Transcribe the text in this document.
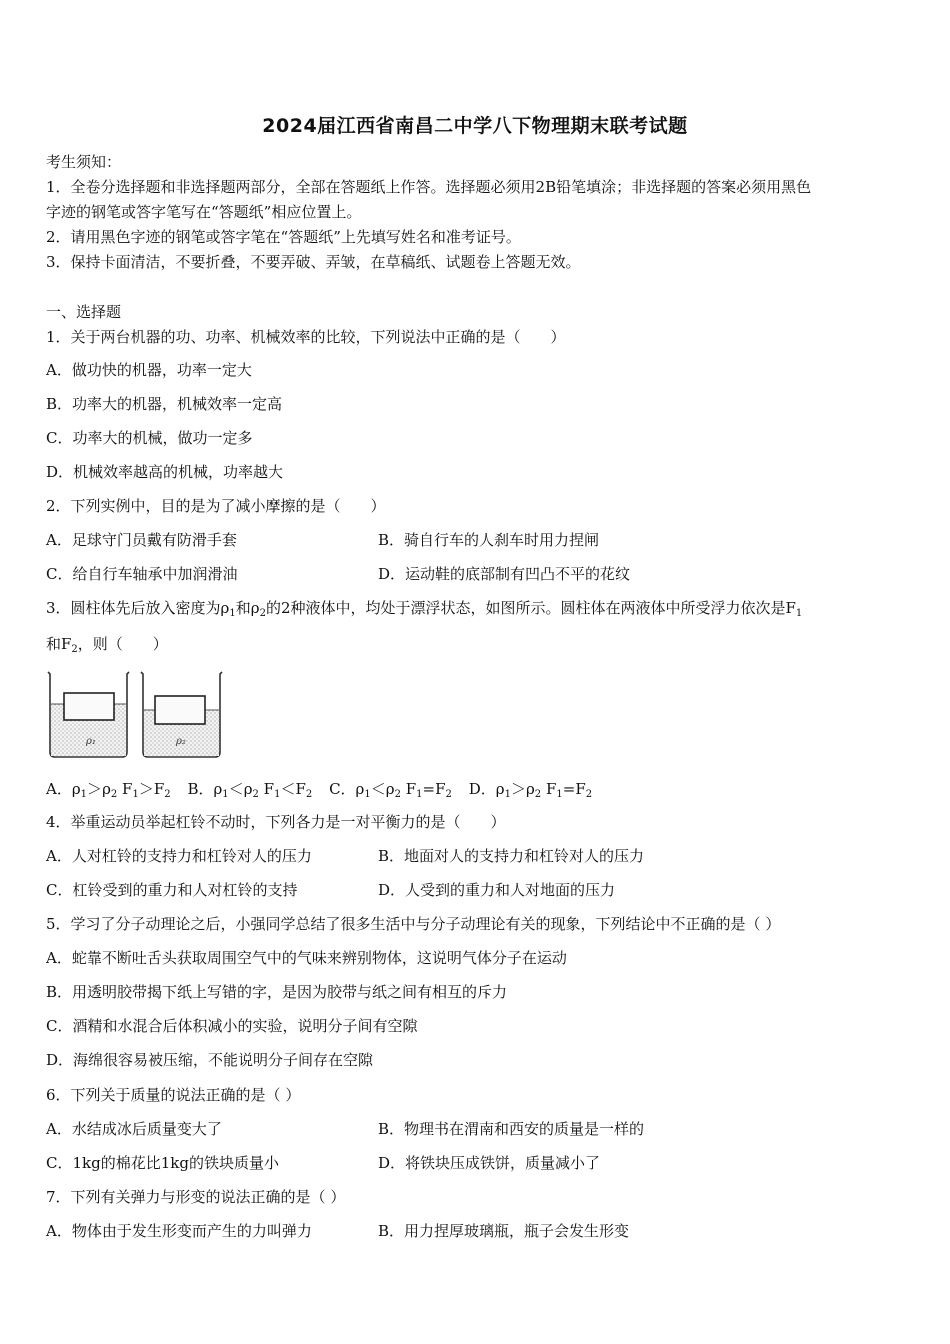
2024届江西省南昌二中学八下物理期末联考试题
考生须知：
1．全卷分选择题和非选择题两部分，全部在答题纸上作答。选择题必须用2B铅笔填涂；非选择题的答案必须用黑色
字迹的钢笔或答字笔写在“答题纸”相应位置上。
2．请用黑色字迹的钢笔或答字笔在“答题纸”上先填写姓名和准考证号。
3．保持卡面清洁，不要折叠，不要弄破、弄皱，在草稿纸、试题卷上答题无效。
一、选择题
1．关于两台机器的功、功率、机械效率的比较，下列说法中正确的是（　　）
A．做功快的机器，功率一定大
B．功率大的机器，机械效率一定高
C．功率大的机械，做功一定多
D．机械效率越高的机械，功率越大
2．下列实例中，目的是为了减小摩擦的是（　　）
A．足球守门员戴有防滑手套	B．骑自行车的人刹车时用力捏闸
C．给自行车轴承中加润滑油	D．运动鞋的底部制有凹凸不平的花纹
3．圆柱体先后放入密度为$\rho_1$和$\rho_2$的2种液体中，均处于漂浮状态，如图所示。圆柱体在两液体中所受浮力依次是$F_1$
和$F_2$，则（　　）
ρ₁	ρ₂
A．$\rho_1>\rho_2$ $F_1>F_2$ B．$\rho_1<\rho_2$ $F_1<F_2$ C．$\rho_1<\rho_2$ $F_1=F_2$ D．$\rho_1>\rho_2$ $F_1=F_2$
4．举重运动员举起杠铃不动时，下列各力是一对平衡力的是（　　）
A．人对杠铃的支持力和杠铃对人的压力	B．地面对人的支持力和杠铃对人的压力
C．杠铃受到的重力和人对杠铃的支持	D．人受到的重力和人对地面的压力
5．学习了分子动理论之后，小强同学总结了很多生活中与分子动理论有关的现象，下列结论中不正确的是（ ）
A．蛇靠不断吐舌头获取周围空气中的气味来辨别物体，这说明气体分子在运动
B．用透明胶带揭下纸上写错的字，是因为胶带与纸之间有相互的斥力
C．酒精和水混合后体积减小的实验，说明分子间有空隙
D．海绵很容易被压缩，不能说明分子间存在空隙
6．下列关于质量的说法正确的是（ ）
A．水结成冰后质量变大了	B．物理书在渭南和西安的质量是一样的
C．1kg的棉花比1kg的铁块质量小	D．将铁块压成铁饼，质量减小了
7．下列有关弹力与形变的说法正确的是（ ）
A．物体由于发生形变而产生的力叫弹力	B．用力捏厚玻璃瓶，瓶子会发生形变
